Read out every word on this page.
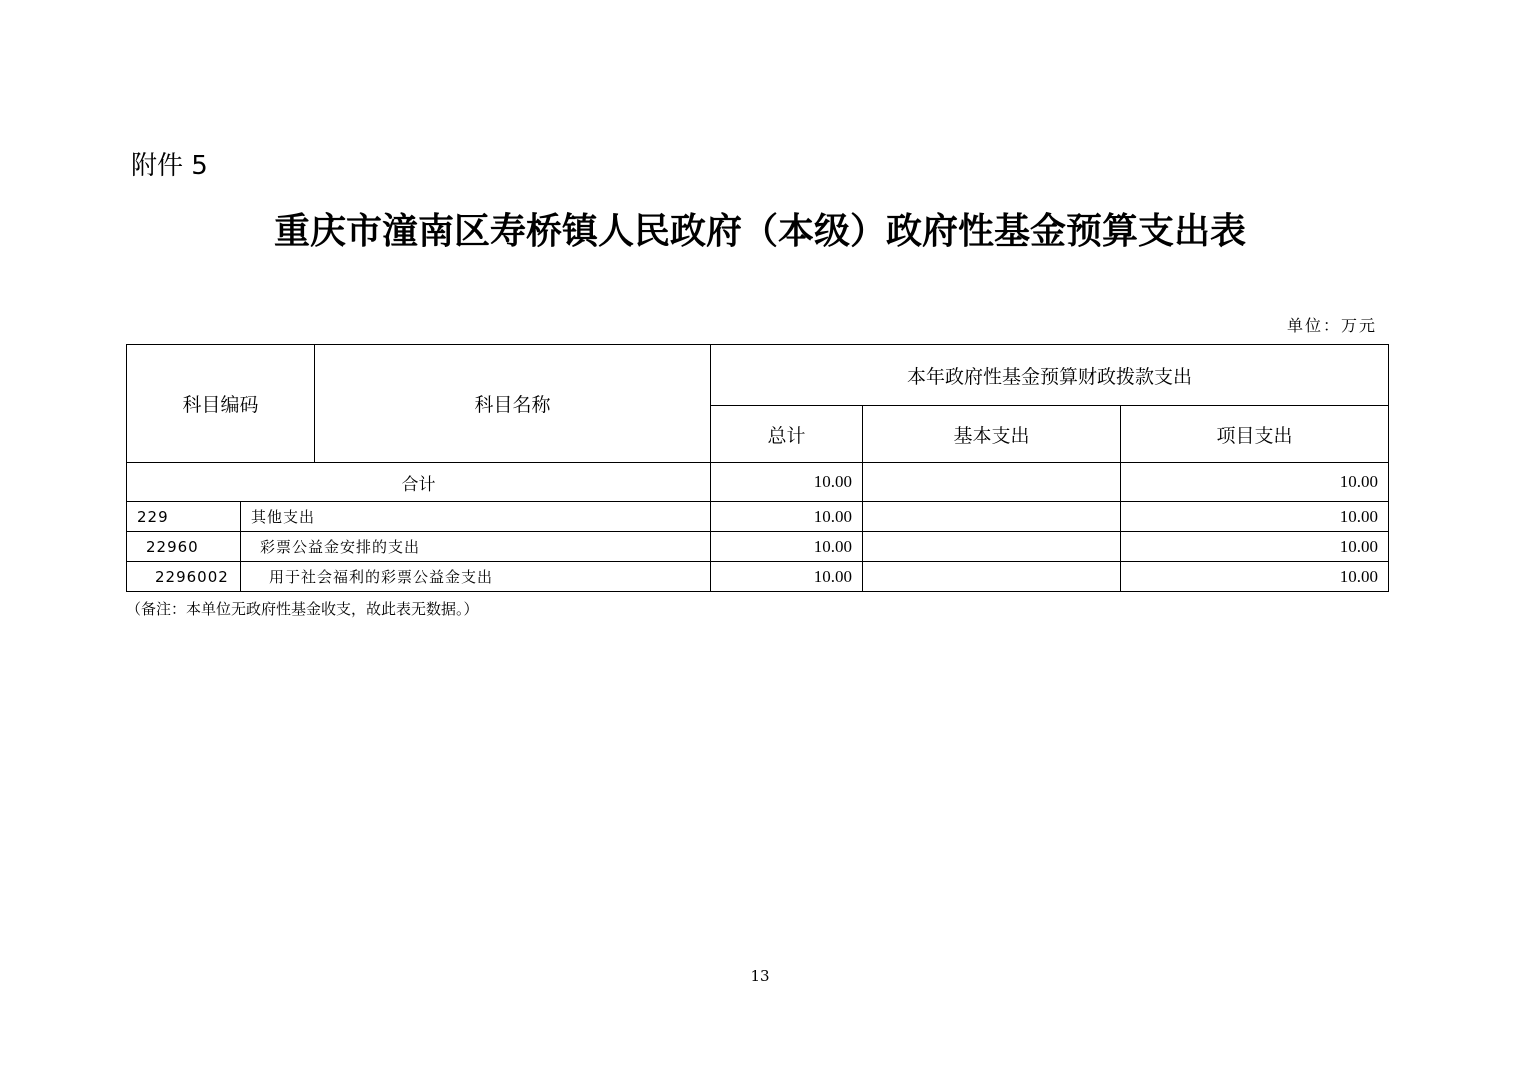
附件 5
重庆市潼南区寿桥镇人民政府（本级）政府性基金预算支出表
单位：万元
科目编码		科目名称	本年政府性基金预算财政拨款支出		
			总计	基本支出	项目支出
合计			10.00		10.00
229	其他支出		10.00		10.00
22960	彩票公益金安排的支出		10.00		10.00
2296002	用于社会福利的彩票公益金支出		10.00		10.00
（备注：本单位无政府性基金收支，故此表无数据。）
13
